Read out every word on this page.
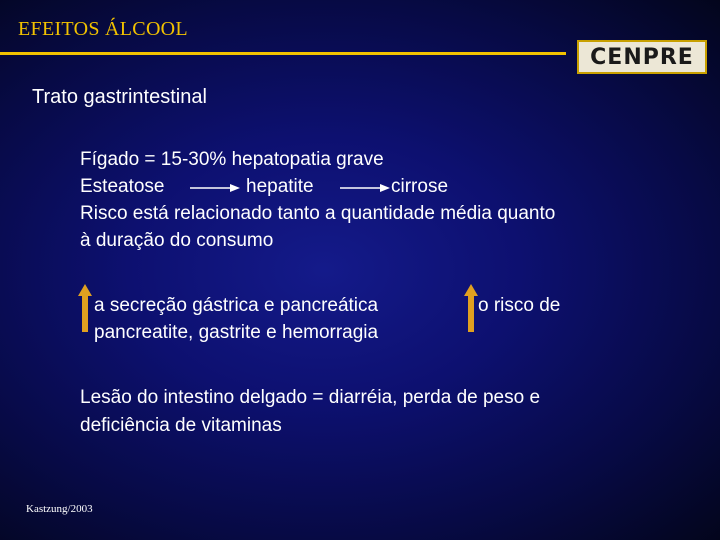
EFEITOS ÁLCOOL
CENPRE
Trato gastrintestinal
Fígado = 15-30% hepatopatia grave
Esteatose	hepatite	cirrose
Risco está relacionado tanto a quantidade média quanto
à duração do consumo
a secreção gástrica e pancreática	o risco de
pancreatite, gastrite e hemorragia
Lesão do intestino delgado = diarréia, perda de peso e
deficiência de vitaminas
Kastzung/2003
